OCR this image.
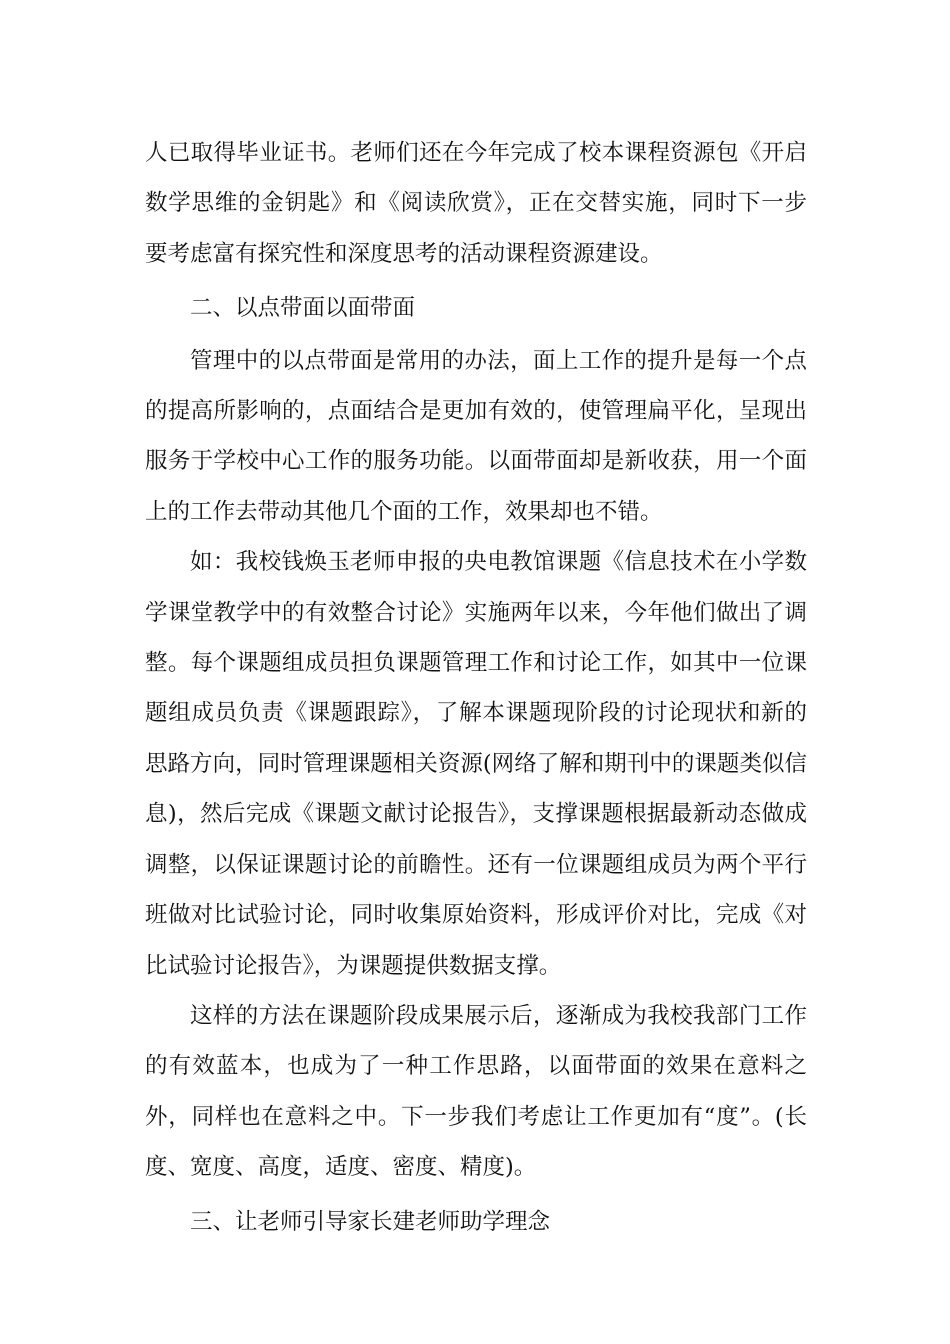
人已取得毕业证书。老师们还在今年完成了校本课程资源包《开启数学思维的金钥匙》和《阅读欣赏》，正在交替实施，同时下一步要考虑富有探究性和深度思考的活动课程资源建设。

二、以点带面以面带面

管理中的以点带面是常用的办法，面上工作的提升是每一个点的提高所影响的，点面结合是更加有效的，使管理扁平化，呈现出服务于学校中心工作的服务功能。以面带面却是新收获，用一个面上的工作去带动其他几个面的工作，效果却也不错。

如：我校钱焕玉老师申报的央电教馆课题《信息技术在小学数学课堂教学中的有效整合讨论》实施两年以来，今年他们做出了调整。每个课题组成员担负课题管理工作和讨论工作，如其中一位课题组成员负责《课题跟踪》，了解本课题现阶段的讨论现状和新的思路方向，同时管理课题相关资源(网络了解和期刊中的课题类似信息)，然后完成《课题文献讨论报告》，支撑课题根据最新动态做成调整，以保证课题讨论的前瞻性。还有一位课题组成员为两个平行班做对比试验讨论，同时收集原始资料，形成评价对比，完成《对比试验讨论报告》，为课题提供数据支撑。

这样的方法在课题阶段成果展示后，逐渐成为我校我部门工作的有效蓝本，也成为了一种工作思路，以面带面的效果在意料之外，同样也在意料之中。下一步我们考虑让工作更加有“度”。(长度、宽度、高度，适度、密度、精度)。

三、让老师引导家长建老师助学理念
